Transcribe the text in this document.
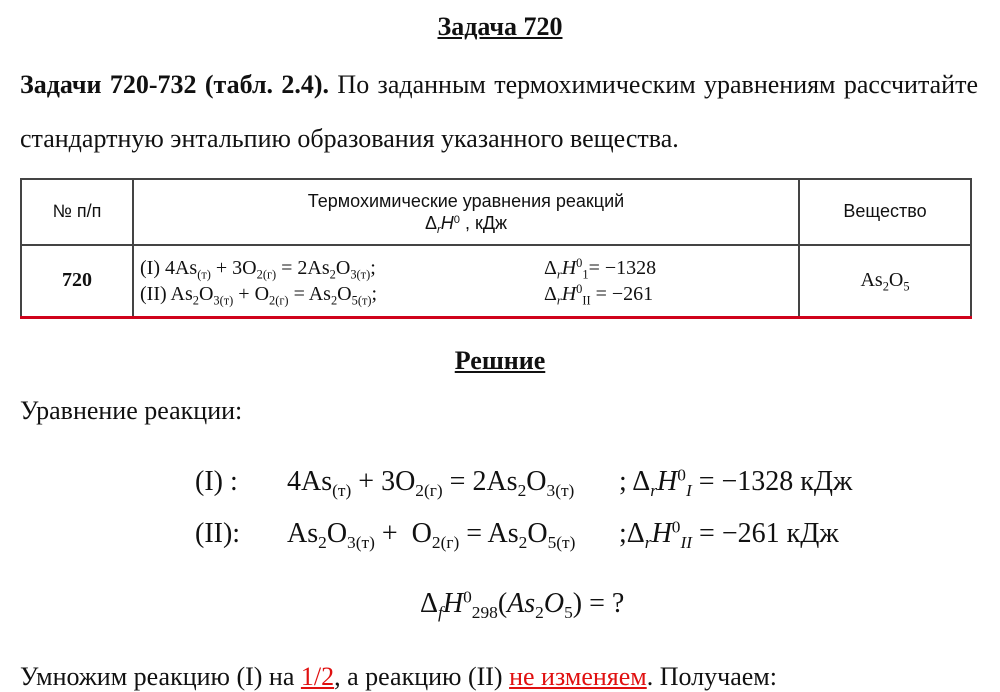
Задача 720
Задачи 720-732 (табл. 2.4). По заданным термохимическим уравнениям рассчитайте стандартную энтальпию образования указанного вещества.
№ п/п	Термохимические уравнения реакций
$\Delta_rH^0$ , кДж	Вещество
720	(I) $4As_{(т)} + 3O_{2(г)} = 2As_2O_{3(т)}$; $\Delta_rH^0_1= -1328$
(II) $As_2O_{3(т)} + O_{2(г)} = As_2O_{5(т)}$; $\Delta_rH^0_{II} = -261$	$As_2O_5$
Решние
Уравнение реакции:
(I) : $4As_{(т)} + 3O_{2(г)} = 2As_2O_{3(т)}$ ; $\Delta_rH^0_I = -1328$ кДж
(II): $As_2O_{3(т)} + O_{2(г)} = As_2O_{5(т)}$ $;\Delta_rH^0_{II} = -261$ кДж
$\Delta_fH^0_{298}(As_2O_5)$ = ?
Умножим реакцию (I) на 1/2, а реакцию (II) не изменяем. Получаем:
